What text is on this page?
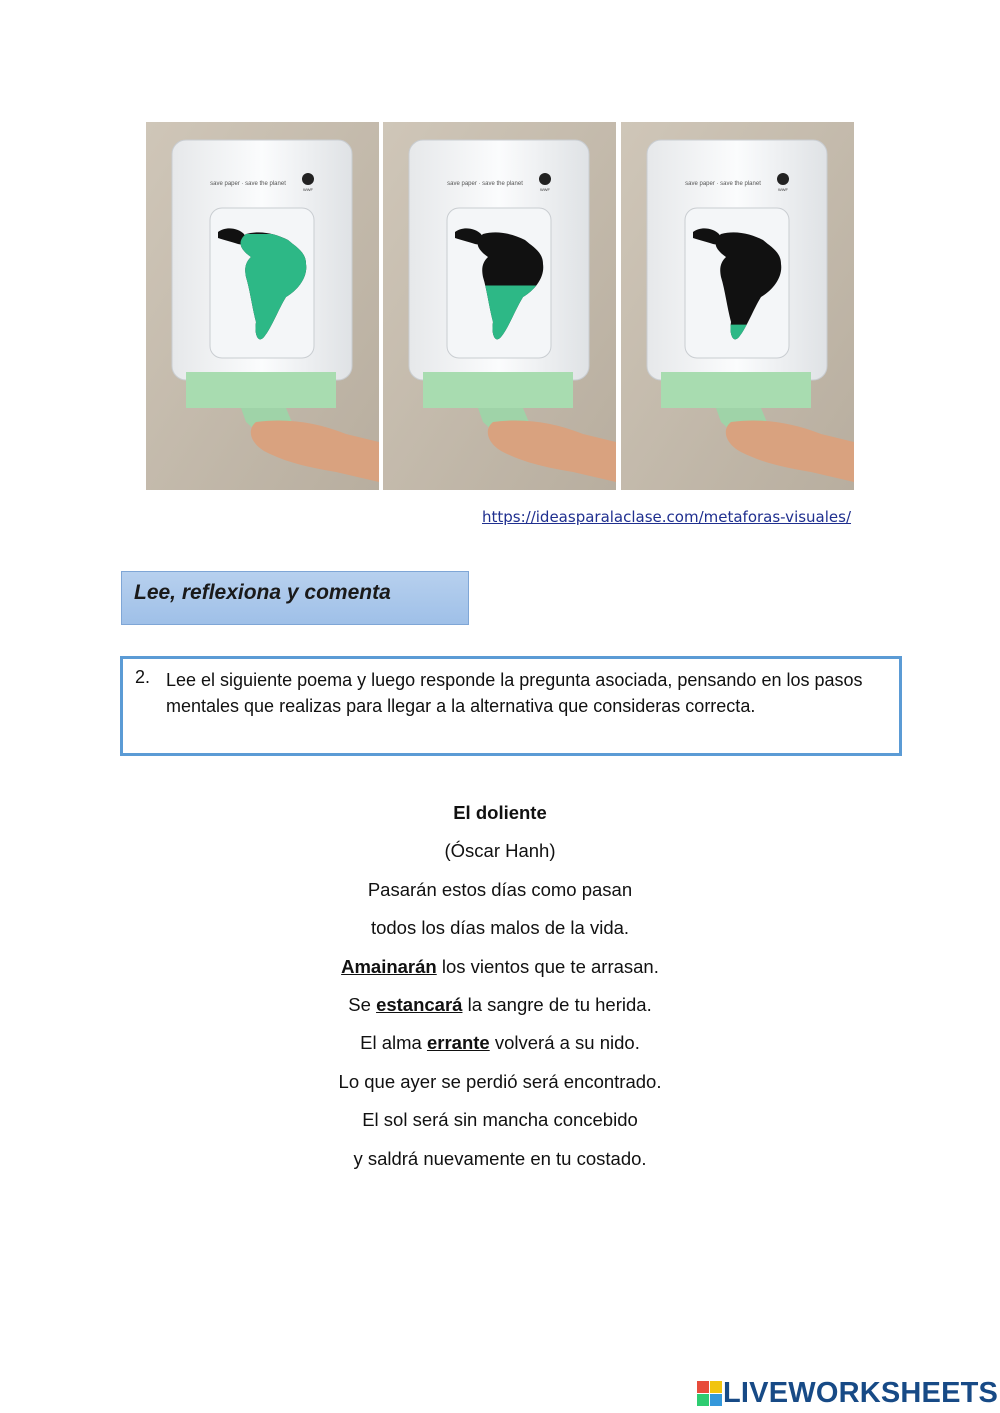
save paper · save the planet
WWF
save paper · save the planet
WWF
save paper · save the planet
WWF
https://ideasparalaclase.com/metaforas-visuales/
Lee, reflexiona y comenta
2. Lee el siguiente poema y luego responde la pregunta asociada, pensando en los pasos mentales que realizas para llegar a la alternativa que consideras correcta.
El doliente
(Óscar Hanh)
Pasarán estos días como pasan
todos los días malos de la vida.
Amainarán los vientos que te arrasan.
Se estancará la sangre de tu herida.
El alma errante volverá a su nido.
Lo que ayer se perdió será encontrado.
El sol será sin mancha concebido
y saldrá nuevamente en tu costado.
LIVEWORKSHEETS
